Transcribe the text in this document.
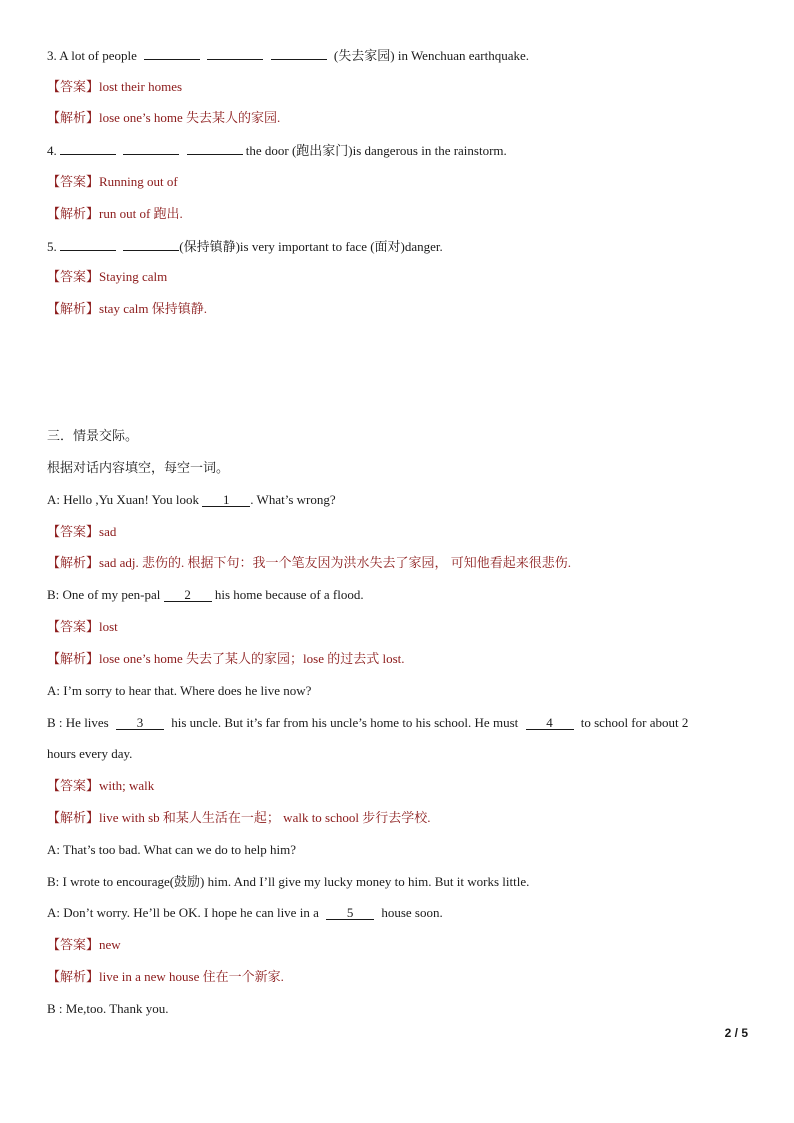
3. A lot of people	(失去家园) in Wenchuan earthquake.
【答案】lost their homes
【解析】lose one’s home 失去某人的家园.
4.	the door (跑出家门)is dangerous in the rainstorm.
【答案】Running out of
【解析】run out of 跑出.
5.	(保持镇静)is very important to face (面对)danger.
【答案】Staying calm
【解析】stay calm 保持镇静.
三．情景交际。
根据对话内容填空，每空一词。
A: Hello ,Yu Xuan! You look 1 . What’s wrong?
【答案】sad
【解析】sad adj. 悲伤的. 根据下句：我一个笔友因为洪水失去了家园， 可知他看起来很悲伤.
B: One of my pen-pal 2 his home because of a flood.
【答案】lost
【解析】lose one’s home 失去了某人的家园；lose 的过去式 lost.
A: I’m sorry to hear that. Where does he live now?
B : He lives 3 his uncle. But it’s far from his uncle’s home to his school. He must 4 to school for about 2
hours every day.
【答案】with; walk
【解析】live with sb 和某人生活在一起； walk to school 步行去学校.
A: That’s too bad. What can we do to help him?
B: I wrote to encourage(鼓励) him. And I’ll give my lucky money to him. But it works little.
A: Don’t worry. He’ll be OK. I hope he can live in a 5 house soon.
【答案】new
【解析】live in a new house 住在一个新家.
B : Me,too. Thank you.
2 / 5
